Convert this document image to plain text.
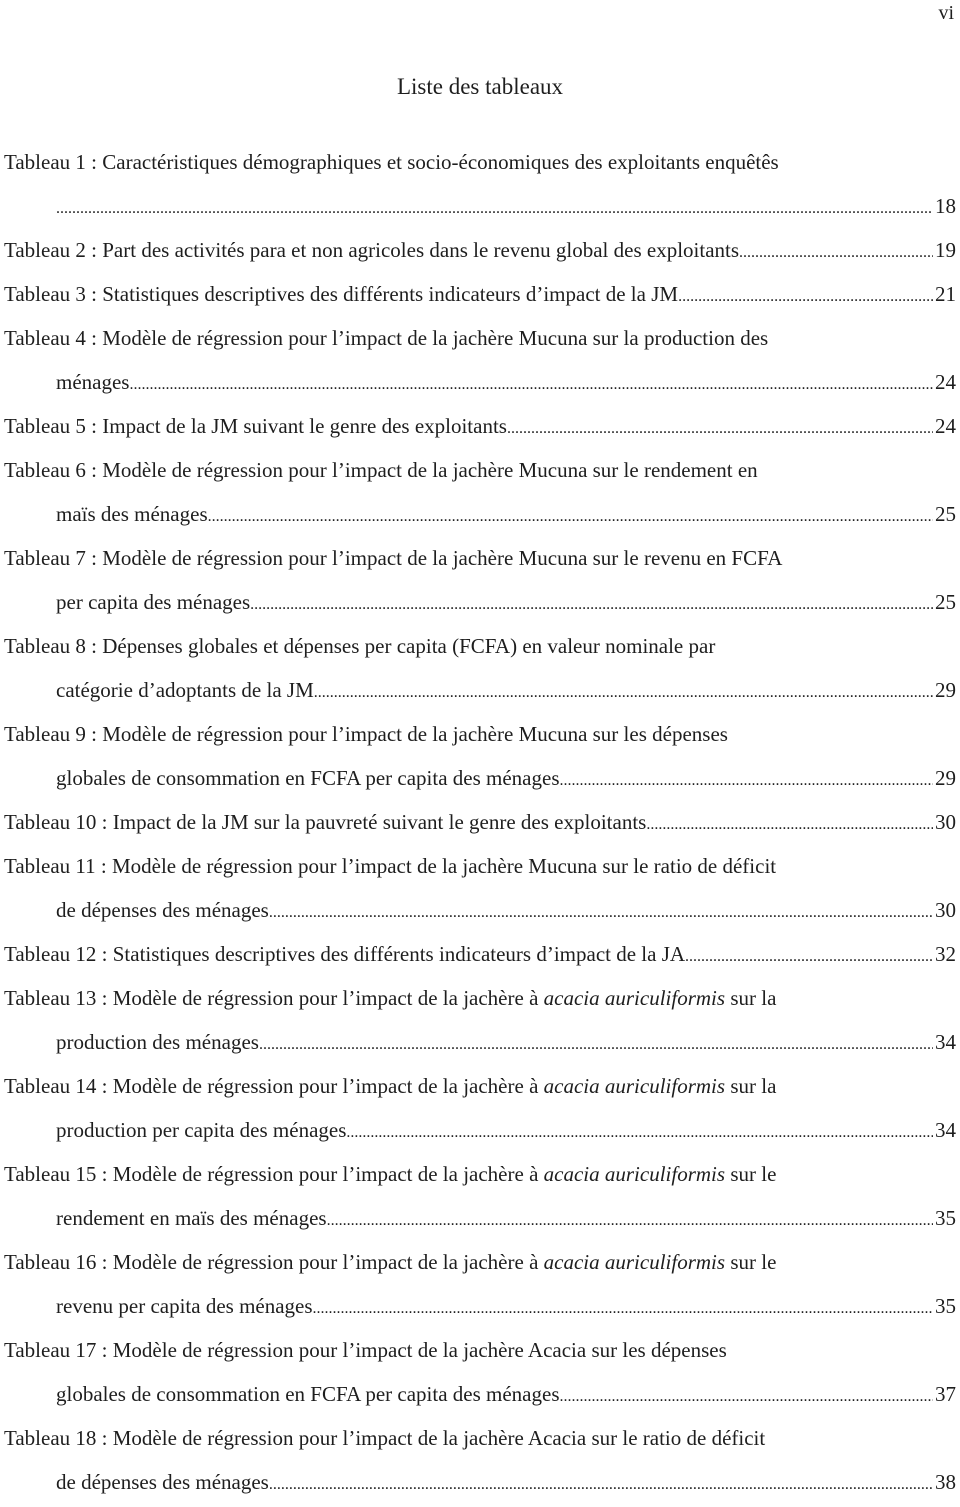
vi
Liste des tableaux
Tableau 1 : Caractéristiques démographiques et socio-économiques des exploitants enquêtês
.....
18
Tableau 2 : Part des activités para et non agricoles dans le revenu global des exploitants .....	19
Tableau 3 : Statistiques descriptives des différents indicateurs d’impact de la JM .....	21
Tableau 4 : Modèle de régression pour l’impact de la jachère Mucuna sur la production des
ménages .....	24
Tableau 5 : Impact de la JM suivant le genre des exploitants .....	24
Tableau 6 : Modèle de régression pour l’impact de la jachère Mucuna sur le rendement en
maïs des ménages .....	25
Tableau 7 : Modèle de régression pour l’impact de la jachère Mucuna sur le revenu en FCFA
per capita des ménages .....	25
Tableau 8 : Dépenses globales et dépenses per capita (FCFA) en valeur nominale par
catégorie d’adoptants de la JM .....	29
Tableau 9 : Modèle de régression pour l’impact de la jachère Mucuna sur les dépenses
globales de consommation en FCFA per capita des ménages .....	29
Tableau 10 : Impact de la JM sur la pauvreté suivant le genre des exploitants .....	30
Tableau 11 : Modèle de régression pour l’impact de la jachère Mucuna sur le ratio de déficit
de dépenses des ménages .....	30
Tableau 12 : Statistiques descriptives des différents indicateurs d’impact de la JA .....	32
Tableau 13 : Modèle de régression pour l’impact de la jachère à
acacia auriculiformis
sur la
production des ménages .....	34
Tableau 14 : Modèle de régression pour l’impact de la jachère à
acacia auriculiformis
sur la
production per capita des ménages .....	34
Tableau 15 : Modèle de régression pour l’impact de la jachère à
acacia auriculiformis
sur le
rendement en maïs des ménages .....	35
Tableau 16 : Modèle de régression pour l’impact de la jachère à
acacia auriculiformis
sur le
revenu per capita des ménages .....	35
Tableau 17 : Modèle de régression pour l’impact de la jachère Acacia sur les dépenses
globales de consommation en FCFA per capita des ménages .....	37
Tableau 18 : Modèle de régression pour l’impact de la jachère Acacia sur le ratio de déficit
de dépenses des ménages .....	38
